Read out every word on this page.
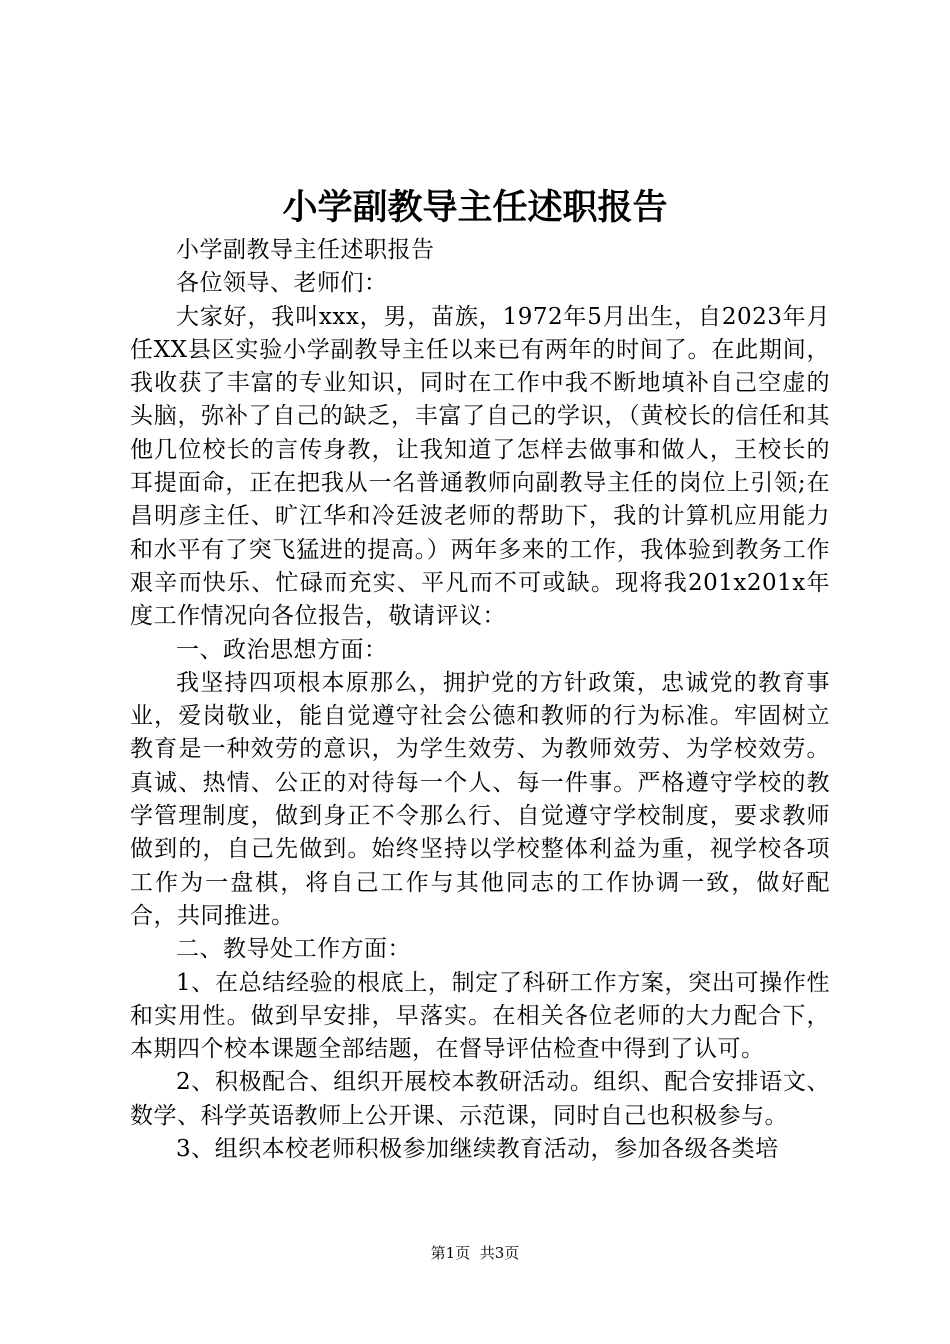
小学副教导主任述职报告

小学副教导主任述职报告

各位领导、老师们：

大家好，我叫xxx，男，苗族，1972年5月出生，自2023年月任XX县区实验小学副教导主任以来已有两年的时间了。在此期间，我收获了丰富的专业知识，同时在工作中我不断地填补自己空虚的头脑，弥补了自己的缺乏，丰富了自己的学识，（黄校长的信任和其他几位校长的言传身教，让我知道了怎样去做事和做人，王校长的耳提面命，正在把我从一名普通教师向副教导主任的岗位上引领;在昌明彦主任、旷江华和冷廷波老师的帮助下，我的计算机应用能力和水平有了突飞猛进的提高。）两年多来的工作，我体验到教务工作艰辛而快乐、忙碌而充实、平凡而不可或缺。现将我201x201x年度工作情况向各位报告，敬请评议：

一、政治思想方面：

我坚持四项根本原那么，拥护党的方针政策，忠诚党的教育事业，爱岗敬业，能自觉遵守社会公德和教师的行为标准。牢固树立教育是一种效劳的意识，为学生效劳、为教师效劳、为学校效劳。真诚、热情、公正的对待每一个人、每一件事。严格遵守学校的教学管理制度，做到身正不令那么行、自觉遵守学校制度，要求教师做到的，自己先做到。始终坚持以学校整体利益为重，视学校各项工作为一盘棋，将自己工作与其他同志的工作协调一致，做好配合，共同推进。

二、教导处工作方面：

1、在总结经验的根底上，制定了科研工作方案，突出可操作性和实用性。做到早安排，早落实。在相关各位老师的大力配合下，本期四个校本课题全部结题，在督导评估检查中得到了认可。

2、积极配合、组织开展校本教研活动。组织、配合安排语文、数学、科学英语教师上公开课、示范课，同时自己也积极参与。

3、组织本校老师积极参加继续教育活动，参加各级各类培

第1页 共3页
